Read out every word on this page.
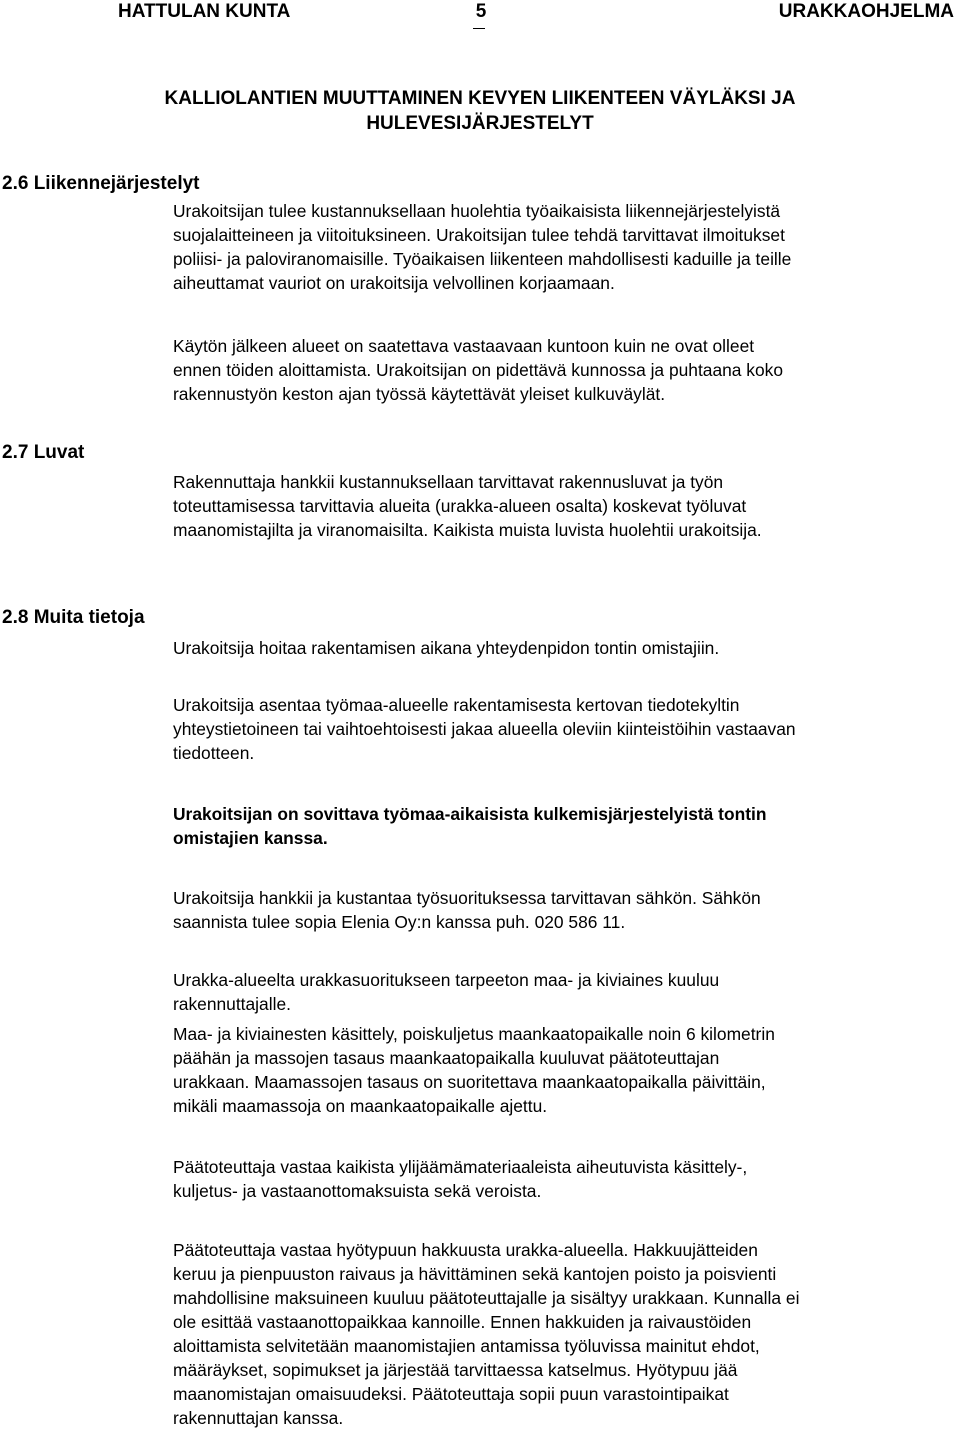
HATTULAN KUNTA	5	URAKKAOHJELMA
KALLIOLANTIEN MUUTTAMINEN KEVYEN LIIKENTEEN VÄYLÄKSI JA
HULEVESIJÄRJESTELYT
2.6 Liikennejärjestelyt

Urakoitsijan tulee kustannuksellaan huolehtia työaikaisista liikennejärjestelyistä
suojalaitteineen ja viitoituksineen. Urakoitsijan tulee tehdä tarvittavat ilmoitukset
poliisi- ja paloviranomaisille. Työaikaisen liikenteen mahdollisesti kaduille ja teille
aiheuttamat vauriot on urakoitsija velvollinen korjaamaan.

Käytön jälkeen alueet on saatettava vastaavaan kuntoon kuin ne ovat olleet
ennen töiden aloittamista. Urakoitsijan on pidettävä kunnossa ja puhtaana koko
rakennustyön keston ajan työssä käytettävät yleiset kulkuväylät.

2.7 Luvat

Rakennuttaja hankkii kustannuksellaan tarvittavat rakennusluvat ja työn
toteuttamisessa tarvittavia alueita (urakka-alueen osalta) koskevat työluvat
maanomistajilta ja viranomaisilta. Kaikista muista luvista huolehtii urakoitsija.

2.8 Muita tietoja

Urakoitsija hoitaa rakentamisen aikana yhteydenpidon tontin omistajiin.

Urakoitsija asentaa työmaa-alueelle rakentamisesta kertovan tiedotekyltin
yhteystietoineen tai vaihtoehtoisesti jakaa alueella oleviin kiinteistöihin vastaavan
tiedotteen.

Urakoitsijan on sovittava työmaa-aikaisista kulkemisjärjestelyistä tontin
omistajien kanssa.

Urakoitsija hankkii ja kustantaa työsuorituksessa tarvittavan sähkön. Sähkön
saannista tulee sopia Elenia Oy:n kanssa puh. 020 586 11.

Urakka-alueelta urakkasuoritukseen tarpeeton maa- ja kiviaines kuuluu
rakennuttajalle.

Maa- ja kiviainesten käsittely, poiskuljetus maankaatopaikalle noin 6 kilometrin
päähän ja massojen tasaus maankaatopaikalla kuuluvat päätoteuttajan
urakkaan. Maamassojen tasaus on suoritettava maankaatopaikalla päivittäin,
mikäli maamassoja on maankaatopaikalle ajettu.

Päätoteuttaja vastaa kaikista ylijäämämateriaaleista aiheutuvista käsittely-,
kuljetus- ja vastaanottomaksuista sekä veroista.

Päätoteuttaja vastaa hyötypuun hakkuusta urakka-alueella. Hakkuujätteiden
keruu ja pienpuuston raivaus ja hävittäminen sekä kantojen poisto ja poisvienti
mahdollisine maksuineen kuuluu päätoteuttajalle ja sisältyy urakkaan. Kunnalla ei
ole esittää vastaanottopaikkaa kannoille. Ennen hakkuiden ja raivaustöiden
aloittamista selvitetään maanomistajien antamissa työluvissa mainitut ehdot,
määräykset, sopimukset ja järjestää tarvittaessa katselmus. Hyötypuu jää
maanomistajan omaisuudeksi. Päätoteuttaja sopii puun varastointipaikat
rakennuttajan kanssa.
